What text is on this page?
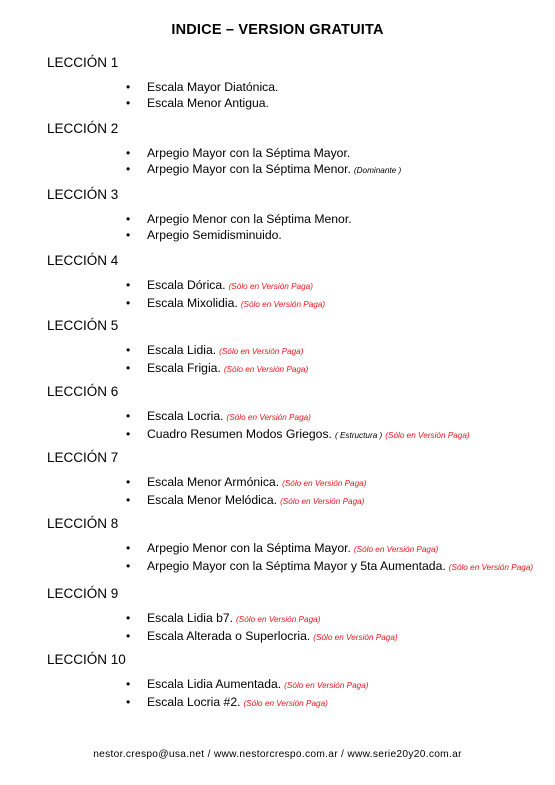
INDICE – VERSION GRATUITA
LECCIÓN 1
• Escala Mayor Diatónica.
• Escala Menor Antigua.
LECCIÓN 2
• Arpegio Mayor con la Séptima Mayor.
• Arpegio Mayor con la Séptima Menor. (Dominante )
LECCIÓN 3
• Arpegio Menor con la Séptima Menor.
• Arpegio Semidisminuido.
LECCIÓN 4
• Escala Dórica. (Sólo en Versión Paga)
• Escala Mixolidia. (Sólo en Versión Paga)
LECCIÓN 5
• Escala Lidia. (Sólo en Versión Paga)
• Escala Frigia. (Sólo en Versión Paga)
LECCIÓN 6
• Escala Locria. (Sólo en Versión Paga)
• Cuadro Resumen Modos Griegos. ( Estructura ) (Sólo en Versión Paga)
LECCIÓN 7
• Escala Menor Armónica. (Sólo en Versión Paga)
• Escala Menor Melódica. (Sólo en Versión Paga)
LECCIÓN 8
• Arpegio Menor con la Séptima Mayor. (Sólo en Versión Paga)
• Arpegio Mayor con la Séptima Mayor y 5ta Aumentada. (Sólo en Versión Paga)
LECCIÓN 9
• Escala Lidia b7. (Sólo en Versión Paga)
• Escala Alterada o Superlocria. (Sólo en Versión Paga)
LECCIÓN 10
• Escala Lidia Aumentada. (Sólo en Versión Paga)
• Escala Locria #2. (Sólo en Versión Paga)
nestor.crespo@usa.net / www.nestorcrespo.com.ar / www.serie20y20.com.ar
